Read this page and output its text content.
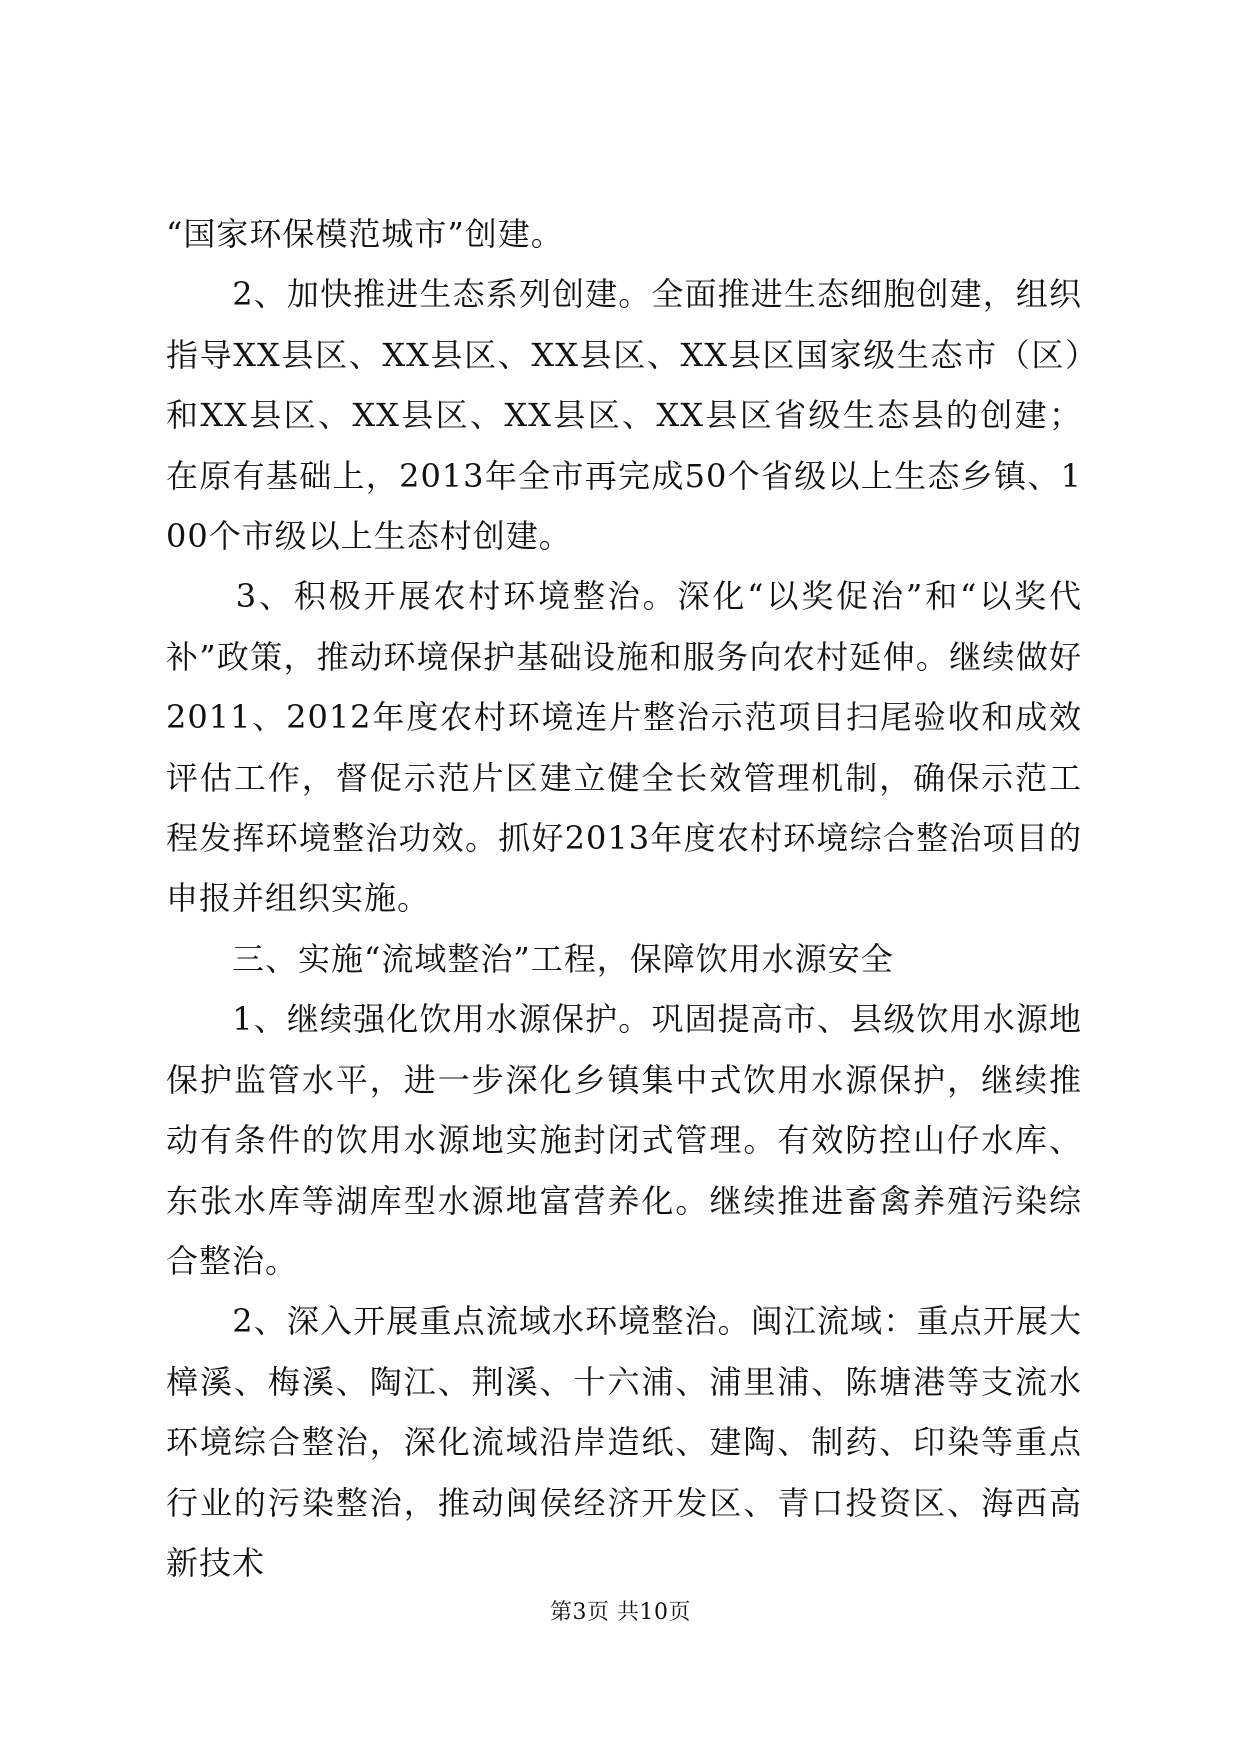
“国家环保模范城市”创建。

　　2、加快推进生态系列创建。全面推进生态细胞创建，组织指导XX县区、XX县区、XX县区、XX县区国家级生态市（区）和XX县区、XX县区、XX县区、XX县区省级生态县的创建；在原有基础上，2013年全市再完成50个省级以上生态乡镇、100个市级以上生态村创建。

　　3、积极开展农村环境整治。深化“以奖促治”和“以奖代补”政策，推动环境保护基础设施和服务向农村延伸。继续做好2011、2012年度农村环境连片整治示范项目扫尾验收和成效评估工作，督促示范片区建立健全长效管理机制，确保示范工程发挥环境整治功效。抓好2013年度农村环境综合整治项目的申报并组织实施。

　　三、实施“流域整治”工程，保障饮用水源安全

　　1、继续强化饮用水源保护。巩固提高市、县级饮用水源地保护监管水平，进一步深化乡镇集中式饮用水源保护，继续推动有条件的饮用水源地实施封闭式管理。有效防控山仔水库、东张水库等湖库型水源地富营养化。继续推进畜禽养殖污染综合整治。

　　2、深入开展重点流域水环境整治。闽江流域：重点开展大樟溪、梅溪、陶江、荆溪、十六浦、浦里浦、陈塘港等支流水环境综合整治，深化流域沿岸造纸、建陶、制药、印染等重点行业的污染整治，推动闽侯经济开发区、青口投资区、海西高新技术

第3页 共10页
